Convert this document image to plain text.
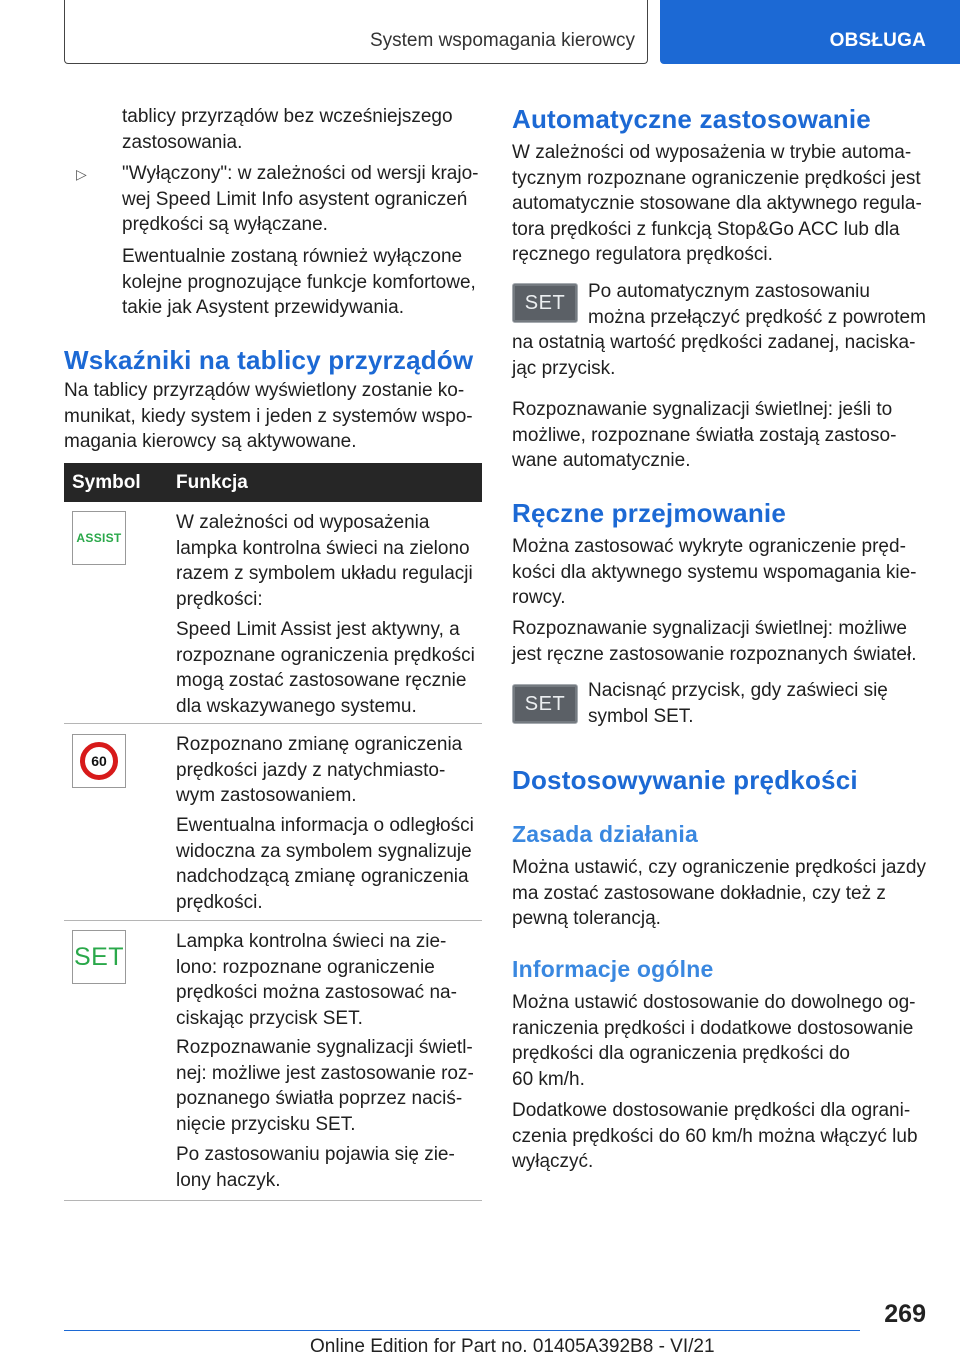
System wspomagania kierowcy	OBSŁUGA

tablicy przyrządów bez wcześniejszego
zastosowania.

▷ "Wyłączony": w zależności od wersji krajo-
wej Speed Limit Info asystent ograniczeń
prędkości są wyłączane.

Ewentualnie zostaną również wyłączone
kolejne prognozujące funkcje komfortowe,
takie jak Asystent przewidywania.

Wskaźniki na tablicy przyrządów

Na tablicy przyrządów wyświetlony zostanie ko-
munikat, kiedy system i jeden z systemów wspo-
magania kierowcy są aktywowane.

Symbol Funkcja
ASSIST

W zależności od wyposażenia
lampka kontrolna świeci na zielono
razem z symbolem układu regulacji
prędkości:

Speed Limit Assist jest aktywny, a
rozpoznane ograniczenia prędkości
mogą zostać zastosowane ręcznie
dla wskazywanego systemu.

60

Rozpoznano zmianę ograniczenia
prędkości jazdy z natychmiasto-
wym zastosowaniem.

Ewentualna informacja o odległości
widoczna za symbolem sygnalizuje
nadchodzącą zmianę ograniczenia
prędkości.

SET

Lampka kontrolna świeci na zie-
lono: rozpoznane ograniczenie
prędkości można zastosować na-
ciskając przycisk SET.

Rozpoznawanie sygnalizacji świetl-
nej: możliwe jest zastosowanie roz-
poznanego światła poprzez naciś-
nięcie przycisku SET.

Po zastosowaniu pojawia się zie-
lony haczyk.

Automatyczne zastosowanie

W zależności od wyposażenia w trybie automa-
tycznym rozpoznane ograniczenie prędkości jest
automatycznie stosowane dla aktywnego regula-
tora prędkości z funkcją Stop&Go ACC lub dla
ręcznego regulatora prędkości.

SET Po automatycznym zastosowaniu
można przełączyć prędkość z powrotem

na ostatnią wartość prędkości zadanej, naciska-
jąc przycisk.

Rozpoznawanie sygnalizacji świetlnej: jeśli to
możliwe, rozpoznane światła zostają zastoso-
wane automatycznie.

Ręczne przejmowanie

Można zastosować wykryte ograniczenie pręd-
kości dla aktywnego systemu wspomagania kie-
rowcy.

Rozpoznawanie sygnalizacji świetlnej: możliwe
jest ręczne zastosowanie rozpoznanych świateł.

SET

Nacisnąć przycisk, gdy zaświeci się
symbol SET.

Dostosowywanie prędkości
Zasada działania

Można ustawić, czy ograniczenie prędkości jazdy
ma zostać zastosowane dokładnie, czy też z
pewną tolerancją.

Informacje ogólne

Można ustawić dostosowanie do dowolnego og-
raniczenia prędkości i dodatkowe dostosowanie
prędkości dla ograniczenia prędkości do
60 km/h.

Dodatkowe dostosowanie prędkości dla ograni-
czenia prędkości do 60 km/h można włączyć lub
wyłączyć.

269
Online Edition for Part no. 01405A392B8 - VI/21
